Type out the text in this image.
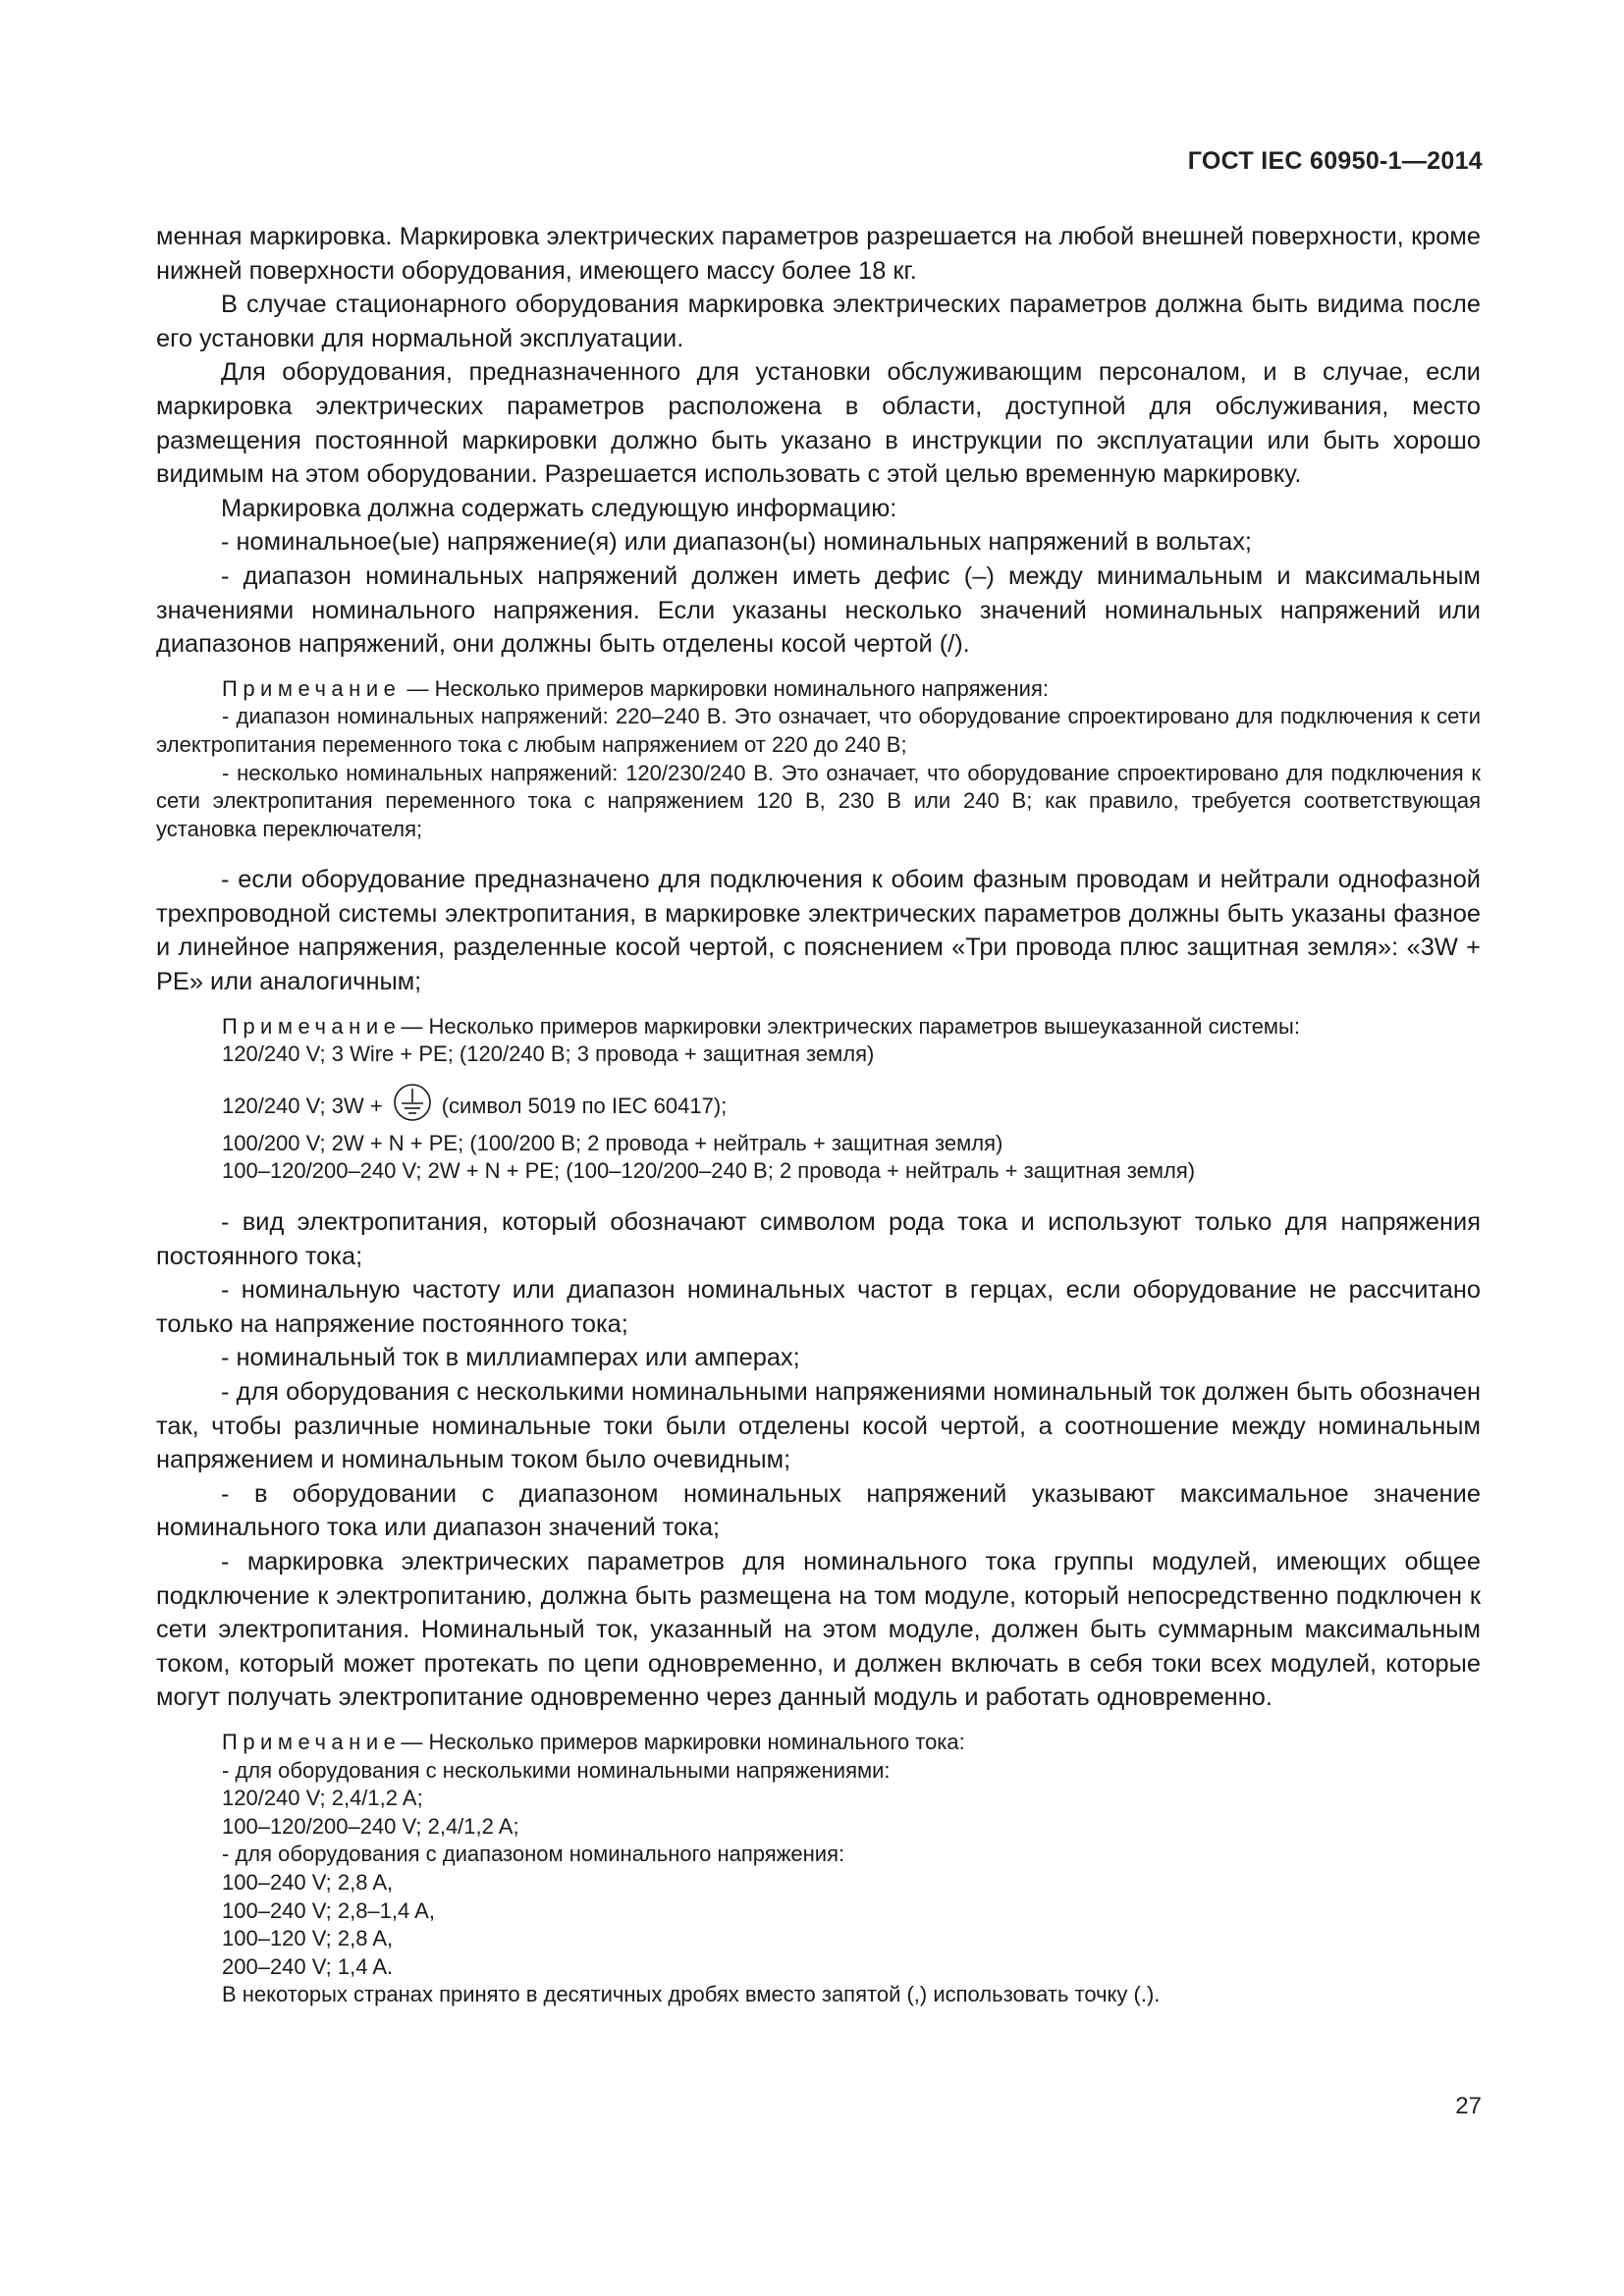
ГОСТ IEC 60950-1—2014

менная маркировка. Маркировка электрических параметров разрешается на любой внешней поверхности, кроме нижней поверхности оборудования, имеющего массу более 18 кг.

В случае стационарного оборудования маркировка электрических параметров должна быть видима после его установки для нормальной эксплуатации.

Для оборудования, предназначенного для установки обслуживающим персоналом, и в случае, если маркировка электрических параметров расположена в области, доступной для обслуживания, место размещения постоянной маркировки должно быть указано в инструкции по эксплуатации или быть хорошо видимым на этом оборудовании. Разрешается использовать с этой целью временную маркировку.

Маркировка должна содержать следующую информацию:

- номинальное(ые) напряжение(я) или диапазон(ы) номинальных напряжений в вольтах;

- диапазон номинальных напряжений должен иметь дефис (–) между минимальным и максимальным значениями номинального напряжения. Если указаны несколько значений номинальных напряжений или диапазонов напряжений, они должны быть отделены косой чертой (/).

Примечание — Несколько примеров маркировки номинального напряжения:

- диапазон номинальных напряжений: 220–240 В. Это означает, что оборудование спроектировано для подключения к сети электропитания переменного тока с любым напряжением от 220 до 240 В;

- несколько номинальных напряжений: 120/230/240 В. Это означает, что оборудование спроектировано для подключения к сети электропитания переменного тока с напряжением 120 В, 230 В или 240 В; как правило, требуется соответствующая установка переключателя;

- если оборудование предназначено для подключения к обоим фазным проводам и нейтрали однофазной трехпроводной системы электропитания, в маркировке электрических параметров должны быть указаны фазное и линейное напряжения, разделенные косой чертой, с пояснением «Три провода плюс защитная земля»: «3W + PE» или аналогичным;

Примечание— Несколько примеров маркировки электрических параметров вышеуказанной системы:

120/240 V; 3 Wire + PE; (120/240 В; 3 провода + защитная земля)

120/240 V; 3W +	(символ 5019 по IEC 60417);

100/200 V; 2W + N + PE; (100/200 В; 2 провода + нейтраль + защитная земля)

100–120/200–240 V; 2W + N + PE; (100–120/200–240 В; 2 провода + нейтраль + защитная земля)

- вид электропитания, который обозначают символом рода тока и используют только для напряжения постоянного тока;

- номинальную частоту или диапазон номинальных частот в герцах, если оборудование не рассчитано только на напряжение постоянного тока;

- номинальный ток в миллиамперах или амперах;

- для оборудования с несколькими номинальными напряжениями номинальный ток должен быть обозначен так, чтобы различные номинальные токи были отделены косой чертой, а соотношение между номинальным напряжением и номинальным током было очевидным;

- в оборудовании с диапазоном номинальных напряжений указывают максимальное значение номинального тока или диапазон значений тока;

- маркировка электрических параметров для номинального тока группы модулей, имеющих общее подключение к электропитанию, должна быть размещена на том модуле, который непосредственно подключен к сети электропитания. Номинальный ток, указанный на этом модуле, должен быть суммарным максимальным током, который может протекать по цепи одновременно, и должен включать в себя токи всех модулей, которые могут получать электропитание одновременно через данный модуль и работать одновременно.

Примечание— Несколько примеров маркировки номинального тока:

- для оборудования с несколькими номинальными напряжениями:

120/240 V; 2,4/1,2 A;

100–120/200–240 V; 2,4/1,2 A;

- для оборудования с диапазоном номинального напряжения:

100–240 V; 2,8 A,

100–240 V; 2,8–1,4 A,

100–120 V; 2,8 A,

200–240 V; 1,4 A.

В некоторых странах принято в десятичных дробях вместо запятой (,) использовать точку (.).

27
